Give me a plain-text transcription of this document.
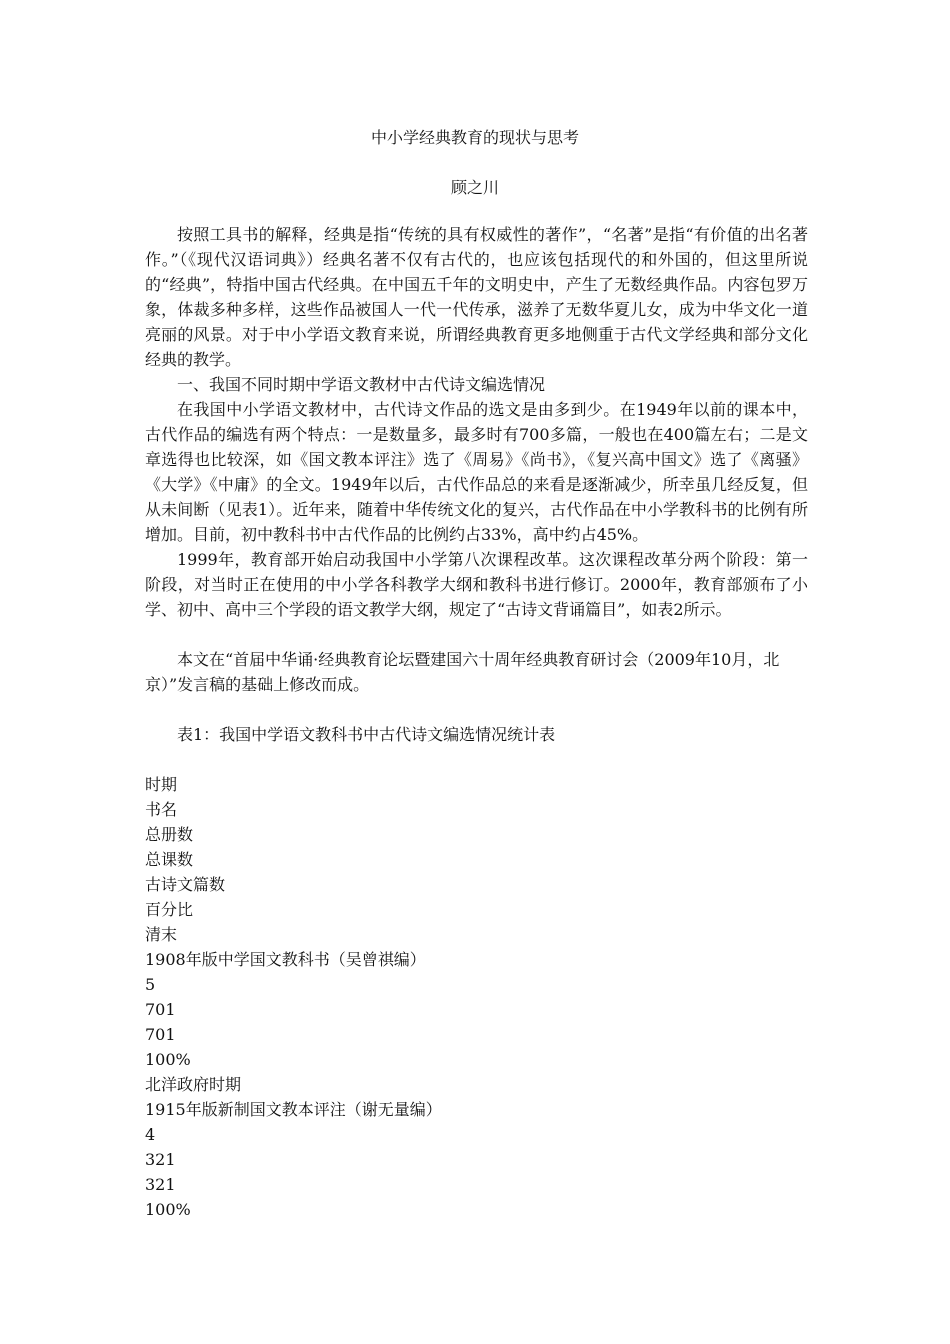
中小学经典教育的现状与思考
顾之川

按照工具书的解释，经典是指“传统的具有权威性的著作”，“名著”是指“有价值的出名著作。”（《现代汉语词典》）经典名著不仅有古代的，也应该包括现代的和外国的，但这里所说的“经典”，特指中国古代经典。在中国五千年的文明史中，产生了无数经典作品。内容包罗万象，体裁多种多样，这些作品被国人一代一代传承，滋养了无数华夏儿女，成为中华文化一道亮丽的风景。对于中小学语文教育来说，所谓经典教育更多地侧重于古代文学经典和部分文化经典的教学。

一、我国不同时期中学语文教材中古代诗文编选情况

在我国中小学语文教材中，古代诗文作品的选文是由多到少。在1949年以前的课本中，古代作品的编选有两个特点：一是数量多，最多时有700多篇，一般也在400篇左右；二是文章选得也比较深，如《国文教本评注》选了《周易》《尚书》，《复兴高中国文》选了《离骚》《大学》《中庸》的全文。1949年以后，古代作品总的来看是逐渐减少，所幸虽几经反复，但从未间断（见表1）。近年来，随着中华传统文化的复兴，古代作品在中小学教科书的比例有所增加。目前，初中教科书中古代作品的比例约占33%，高中约占45%。

1999年，教育部开始启动我国中小学第八次课程改革。这次课程改革分两个阶段：第一阶段，对当时正在使用的中小学各科教学大纲和教科书进行修订。2000年，教育部颁布了小学、初中、高中三个学段的语文教学大纲，规定了“古诗文背诵篇目”，如表2所示。

本文在“首届中华诵·经典教育论坛暨建国六十周年经典教育研讨会（2009年10月，北京）”发言稿的基础上修改而成。

表1：我国中学语文教科书中古代诗文编选情况统计表
时期
书名
总册数
总课数
古诗文篇数
百分比
清末
1908年版中学国文教科书（吴曾祺编）
5
701
701
100%
北洋政府时期
1915年版新制国文教本评注（谢无量编）
4
321
321
100%
